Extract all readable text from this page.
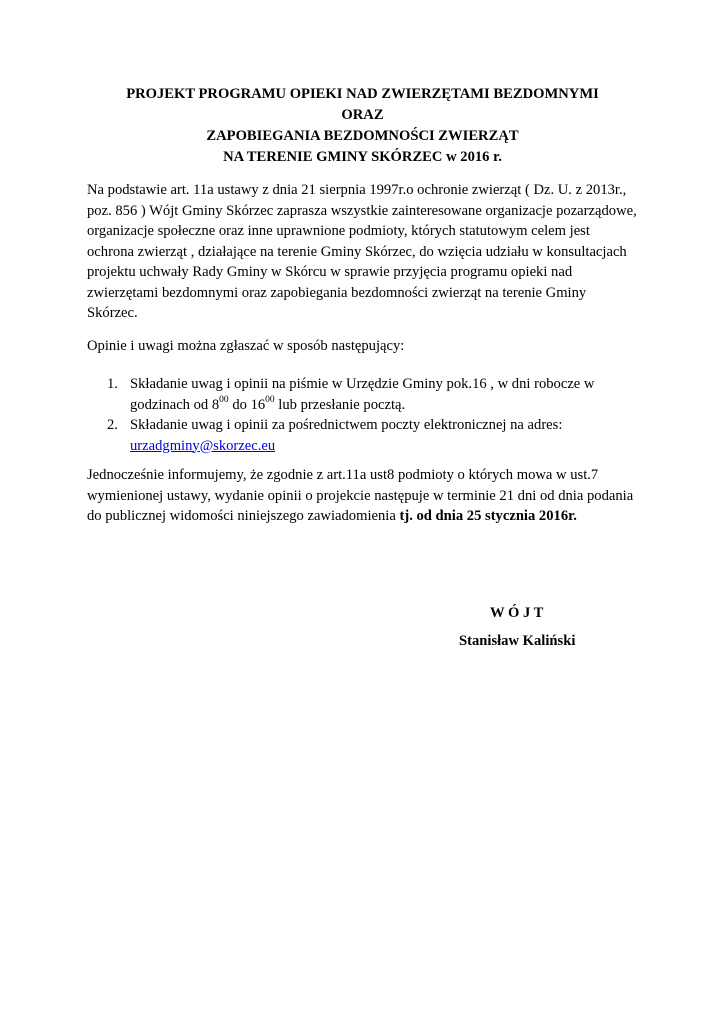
PROJEKT PROGRAMU OPIEKI NAD ZWIERZĘTAMI BEZDOMNYMI
ORAZ
ZAPOBIEGANIA BEZDOMNOŚCI ZWIERZĄT
NA TERENIE GMINY SKÓRZEC w 2016 r.
Na podstawie art. 11a ustawy z dnia 21 sierpnia 1997r.o ochronie zwierząt ( Dz. U. z 2013r.,
poz. 856 ) Wójt Gminy Skórzec zaprasza wszystkie zainteresowane organizacje pozarządowe,
organizacje społeczne oraz inne uprawnione podmioty, których statutowym celem jest
ochrona zwierząt , działające na terenie Gminy Skórzec, do wzięcia udziału w konsultacjach
projektu uchwały Rady Gminy w Skórcu w sprawie przyjęcia programu opieki nad
zwierzętami bezdomnymi oraz zapobiegania bezdomności zwierząt na terenie Gminy
Skórzec.
Opinie i uwagi można zgłaszać w sposób następujący:
1. Składanie uwag i opinii na piśmie w Urzędzie Gminy pok.16 , w dni robocze w
godzinach od $8^{00}$ do $16^{00}$ lub przesłanie pocztą.
2. Składanie uwag i opinii za pośrednictwem poczty elektronicznej na adres:
urzadgminy@skorzec.eu
Jednocześnie informujemy, że zgodnie z art.11a ust8 podmioty o których mowa w ust.7
wymienionej ustawy, wydanie opinii o projekcie następuje w terminie 21 dni od dnia podania
do publicznej widomości niniejszego zawiadomienia tj. od dnia 25 stycznia 2016r.
W Ó J T
Stanisław Kaliński
